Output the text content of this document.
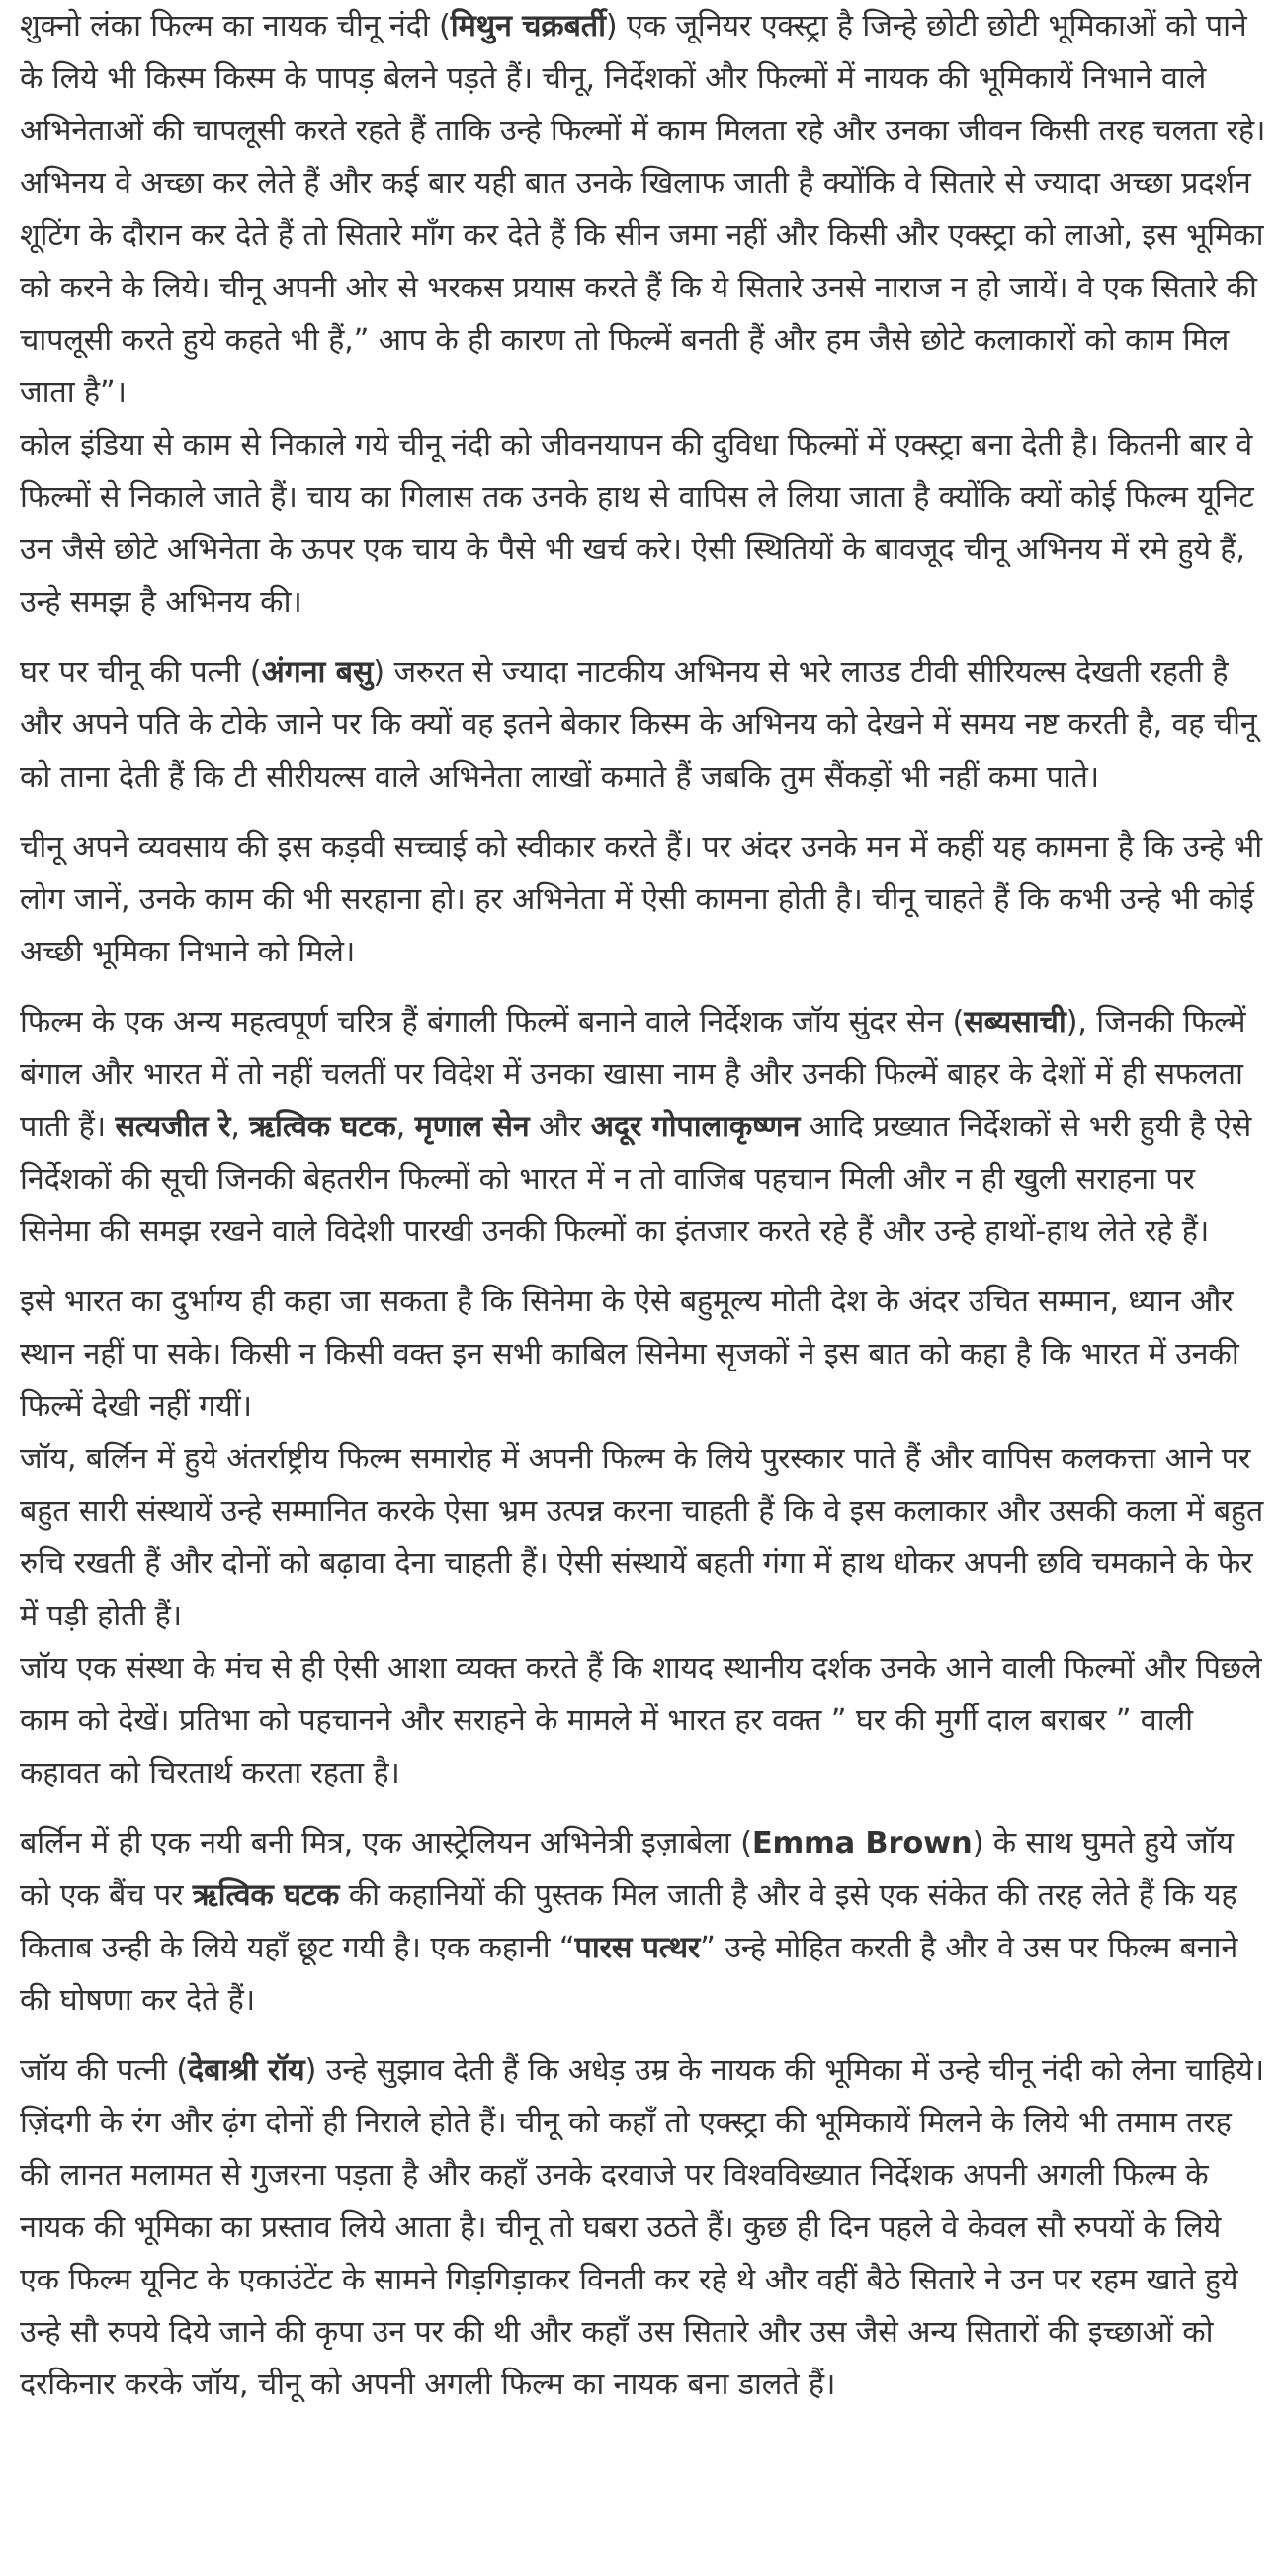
शुक्नो लंका फिल्म का नायक चीनू नंदी (मिथुन चक्रबर्ती) एक जूनियर एक्स्ट्रा है जिन्हे छोटी छोटी भूमिकाओं को पाने के लिये भी किस्म किस्म के पापड़ बेलने पड़ते हैं। चीनू, निर्देशकों और फिल्मों में नायक की भूमिकायें निभाने वाले अभिनेताओं की चापलूसी करते रहते हैं ताकि उन्हे फिल्मों में काम मिलता रहे और उनका जीवन किसी तरह चलता रहे। अभिनय वे अच्छा कर लेते हैं और कई बार यही बात उनके खिलाफ जाती है क्योंकि वे सितारे से ज्यादा अच्छा प्रदर्शन शूटिंग के दौरान कर देते हैं तो सितारे माँग कर देते हैं कि सीन जमा नहीं और किसी और एक्स्ट्रा को लाओ, इस भूमिका को करने के लिये। चीनू अपनी ओर से भरकस प्रयास करते हैं कि ये सितारे उनसे नाराज न हो जायें। वे एक सितारे की चापलूसी करते हुये कहते भी हैं,” आप के ही कारण तो फिल्में बनती हैं और हम जैसे छोटे कलाकारों को काम मिल जाता है”।

कोल इंडिया से काम से निकाले गये चीनू नंदी को जीवनयापन की दुविधा फिल्मों में एक्स्ट्रा बना देती है। कितनी बार वे फिल्मों से निकाले जाते हैं। चाय का गिलास तक उनके हाथ से वापिस ले लिया जाता है क्योंकि क्यों कोई फिल्म यूनिट उन जैसे छोटे अभिनेता के ऊपर एक चाय के पैसे भी खर्च करे। ऐसी स्थितियों के बावजूद चीनू अभिनय में रमे हुये हैं, उन्हे समझ है अभिनय की।

घर पर चीनू की पत्नी (अंगना बसु) जरुरत से ज्यादा नाटकीय अभिनय से भरे लाउड टीवी सीरियल्स देखती रहती है और अपने पति के टोके जाने पर कि क्यों वह इतने बेकार किस्म के अभिनय को देखने में समय नष्ट करती है, वह चीनू को ताना देती हैं कि टी सीरीयल्स वाले अभिनेता लाखों कमाते हैं जबकि तुम सैंकड़ों भी नहीं कमा पाते।

चीनू अपने व्यवसाय की इस कड़वी सच्चाई को स्वीकार करते हैं। पर अंदर उनके मन में कहीं यह कामना है कि उन्हे भी लोग जानें, उनके काम की भी सरहाना हो। हर अभिनेता में ऐसी कामना होती है। चीनू चाहते हैं कि कभी उन्हे भी कोई अच्छी भूमिका निभाने को मिले।

फिल्म के एक अन्य महत्वपूर्ण चरित्र हैं बंगाली फिल्में बनाने वाले निर्देशक जॉय सुंदर सेन (सब्यसाची), जिनकी फिल्में बंगाल और भारत में तो नहीं चलतीं पर विदेश में उनका खासा नाम है और उनकी फिल्में बाहर के देशों में ही सफलता पाती हैं। सत्यजीत रे, ऋत्विक घटक, मृणाल सेन और अदूर गोपालाकृष्णन आदि प्रख्यात निर्देशकों से भरी हुयी है ऐसे निर्देशकों की सूची जिनकी बेहतरीन फिल्मों को भारत में न तो वाजिब पहचान मिली और न ही खुली सराहना पर सिनेमा की समझ रखने वाले विदेशी पारखी उनकी फिल्मों का इंतजार करते रहे हैं और उन्हे हाथों-हाथ लेते रहे हैं।

इसे भारत का दुर्भाग्य ही कहा जा सकता है कि सिनेमा के ऐसे बहुमूल्य मोती देश के अंदर उचित सम्मान, ध्यान और स्थान नहीं पा सके। किसी न किसी वक्त इन सभी काबिल सिनेमा सृजकों ने इस बात को कहा है कि भारत में उनकी फिल्में देखी नहीं गयीं।

जॉय, बर्लिन में हुये अंतर्राष्ट्रीय फिल्म समारोह में अपनी फिल्म के लिये पुरस्कार पाते हैं और वापिस कलकत्ता आने पर बहुत सारी संस्थायें उन्हे सम्मानित करके ऐसा भ्रम उत्पन्न करना चाहती हैं कि वे इस कलाकार और उसकी कला में बहुत रुचि रखती हैं और दोनों को बढ़ावा देना चाहती हैं। ऐसी संस्थायें बहती गंगा में हाथ धोकर अपनी छवि चमकाने के फेर में पड़ी होती हैं।

जॉय एक संस्था के मंच से ही ऐसी आशा व्यक्त करते हैं कि शायद स्थानीय दर्शक उनके आने वाली फिल्मों और पिछले काम को देखें। प्रतिभा को पहचानने और सराहने के मामले में भारत हर वक्त ” घर की मुर्गी दाल बराबर ” वाली कहावत को चिरतार्थ करता रहता है।

बर्लिन में ही एक नयी बनी मित्र, एक आस्ट्रेलियन अभिनेत्री इज़ाबेला (Emma Brown) के साथ घुमते हुये जॉय को एक बैंच पर ऋत्विक घटक की कहानियों की पुस्तक मिल जाती है और वे इसे एक संकेत की तरह लेते हैं कि यह किताब उन्ही के लिये यहाँ छूट गयी है। एक कहानी “पारस पत्थर” उन्हे मोहित करती है और वे उस पर फिल्म बनाने की घोषणा कर देते हैं।

जॉय की पत्नी (देबाश्री रॉय) उन्हे सुझाव देती हैं कि अधेड़ उम्र के नायक की भूमिका में उन्हे चीनू नंदी को लेना चाहिये।

ज़िंदगी के रंग और ढ़ंग दोनों ही निराले होते हैं। चीनू को कहाँ तो एक्स्ट्रा की भूमिकायें मिलने के लिये भी तमाम तरह की लानत मलामत से गुजरना पड़ता है और कहाँ उनके दरवाजे पर विश्वविख्यात निर्देशक अपनी अगली फिल्म के नायक की भूमिका का प्रस्ताव लिये आता है। चीनू तो घबरा उठते हैं। कुछ ही दिन पहले वे केवल सौ रुपयों के लिये एक फिल्म यूनिट के एकाउंटेंट के सामने गिड़गिड़ाकर विनती कर रहे थे और वहीं बैठे सितारे ने उन पर रहम खाते हुये उन्हे सौ रुपये दिये जाने की कृपा उन पर की थी और कहाँ उस सितारे और उस जैसे अन्य सितारों की इच्छाओं को दरकिनार करके जॉय, चीनू को अपनी अगली फिल्म का नायक बना डालते हैं।
